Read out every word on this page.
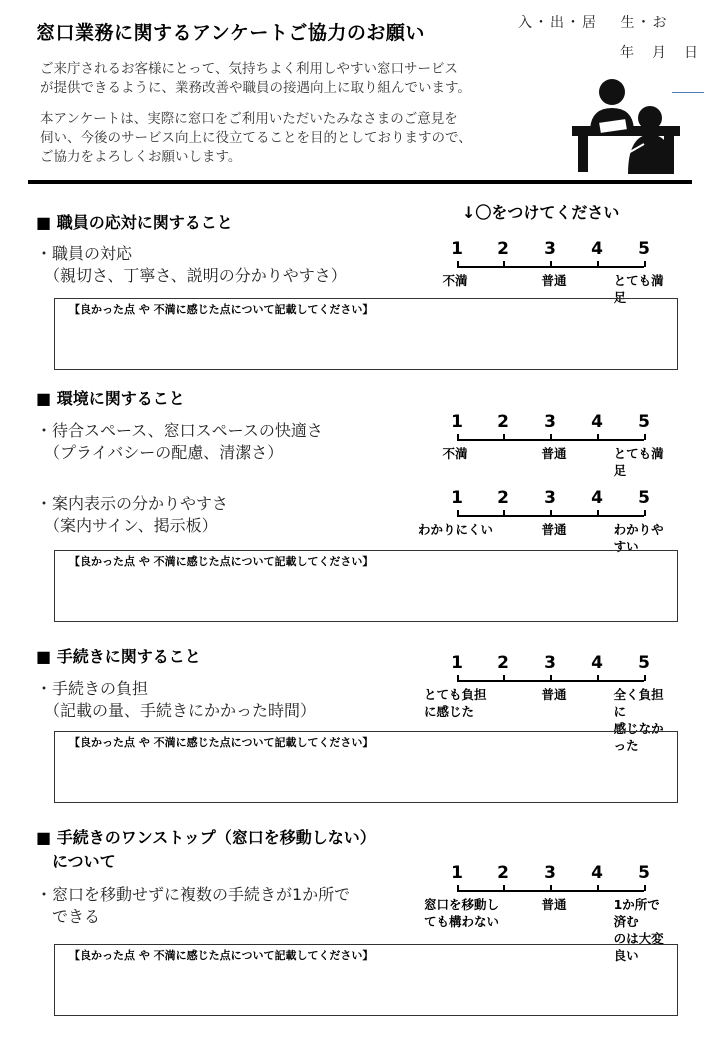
窓口業務に関するアンケートご協力のお願い	入・出・居　 生・お
年　月　日
ご来庁されるお客様にとって、気持ちよく利用しやすい窓口サービス
が提供できるように、業務改善や職員の接遇向上に取り組んでいます。
本アンケートは、実際に窓口をご利用いただいたみなさまのご意見を
伺い、今後のサービス向上に役立てることを目的としておりますので、
ご協力をよろしくお願いします。
↓〇をつけてください
■ 職員の応対に関すること
・職員の対応
　（親切さ、丁寧さ、説明の分かりやすさ）
1 2 3 4 5
不満	普通	とても満足
【良かった点 や 不満に感じた点について記載してください】
■ 環境に関すること
・待合スペース、窓口スペースの快適さ
　（プライバシーの配慮、清潔さ）
1 2 3 4 5
不満	普通	とても満足
・案内表示の分かりやすさ
　（案内サイン、掲示板）
1 2 3 4 5
わかりにくい	普通	わかりやすい
【良かった点 や 不満に感じた点について記載してください】
■ 手続きに関すること
・手続きの負担
　（記載の量、手続きにかかった時間）
1 2 3 4 5
とても負担
に感じた
普通	全く負担に
感じなかった
【良かった点 や 不満に感じた点について記載してください】
■ 手続きのワンストップ（窓口を移動しない）
　について
・窓口を移動せずに複数の手続きが1か所で
　できる
1 2 3 4 5
窓口を移動し
ても構わない
普通	1か所で済む
のは大変良い
【良かった点 や 不満に感じた点について記載してください】
